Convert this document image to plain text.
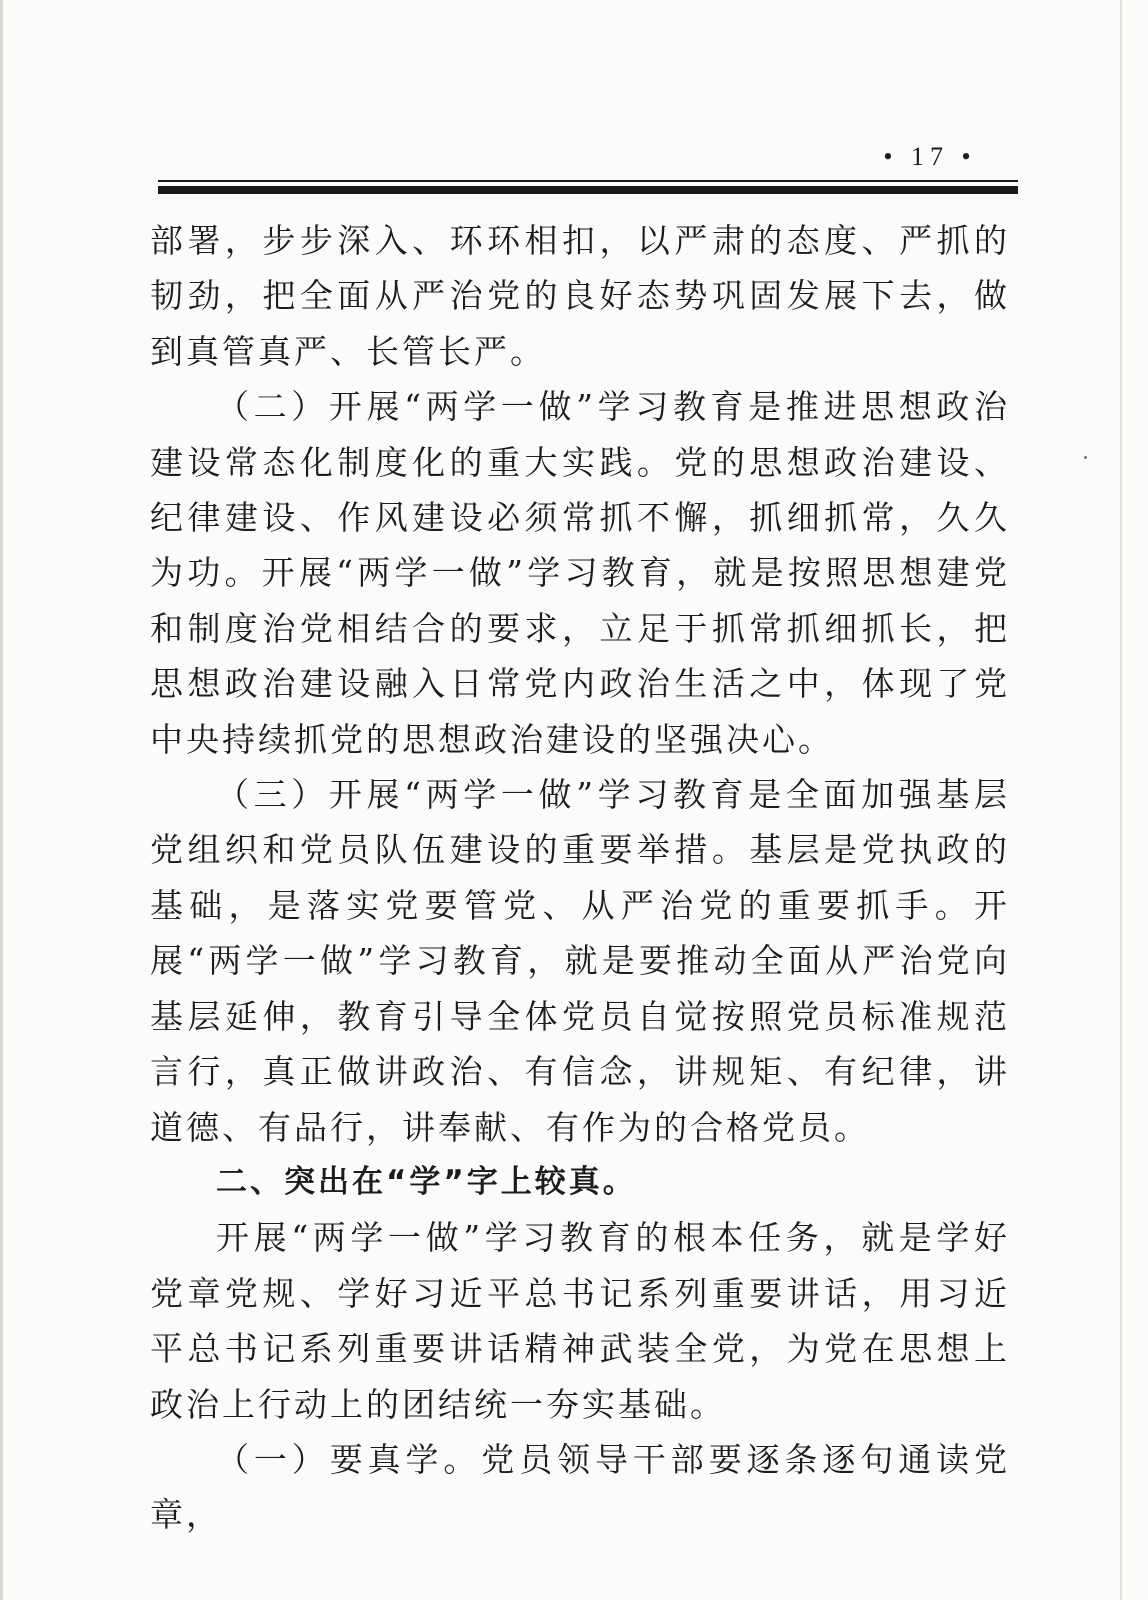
• 17 •

部署，步步深入、环环相扣，以严肃的态度、严抓的韧劲，把全面从严治党的良好态势巩固发展下去，做到真管真严、长管长严。

（二）开展“两学一做”学习教育是推进思想政治建设常态化制度化的重大实践。党的思想政治建设、纪律建设、作风建设必须常抓不懈，抓细抓常，久久为功。开展“两学一做”学习教育，就是按照思想建党和制度治党相结合的要求，立足于抓常抓细抓长，把思想政治建设融入日常党内政治生活之中，体现了党中央持续抓党的思想政治建设的坚强决心。

（三）开展“两学一做”学习教育是全面加强基层党组织和党员队伍建设的重要举措。基层是党执政的基础，是落实党要管党、从严治党的重要抓手。开展“两学一做”学习教育，就是要推动全面从严治党向基层延伸，教育引导全体党员自觉按照党员标准规范言行，真正做讲政治、有信念，讲规矩、有纪律，讲道德、有品行，讲奉献、有作为的合格党员。

二、突出在“学”字上较真。

开展“两学一做”学习教育的根本任务，就是学好党章党规、学好习近平总书记系列重要讲话，用习近平总书记系列重要讲话精神武装全党，为党在思想上政治上行动上的团结统一夯实基础。

（一）要真学。党员领导干部要逐条逐句通读党章，
